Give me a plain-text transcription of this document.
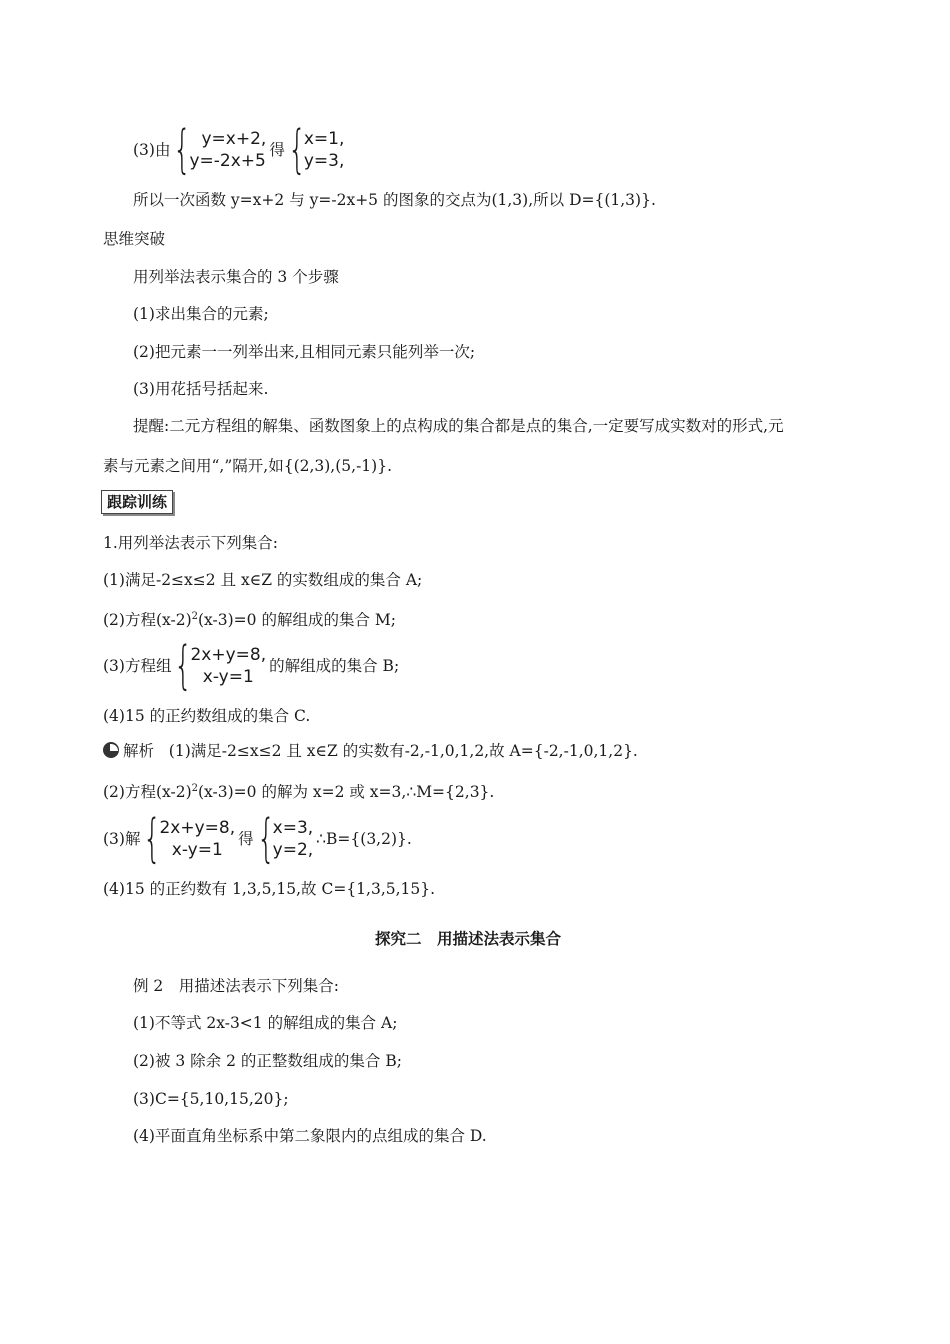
(3)由 { y=x+2,
y=-2x+5
得 {
x=1,
y=3,
所以一次函数 y=x+2 与 y=-2x+5 的图象的交点为(1,3),所以 D={(1,3)}.
思维突破
用列举法表示集合的 3 个步骤
(1)求出集合的元素;
(2)把元素一一列举出来,且相同元素只能列举一次;
(3)用花括号括起来.
提醒:二元方程组的解集、函数图象上的点构成的集合都是点的集合,一定要写成实数对的形式,元
素与元素之间用“,”隔开,如{(2,3),(5,-1)}.
跟踪训练
1.用列举法表示下列集合:
(1)满足-2≤x≤2 且 x∈Z 的实数组成的集合 A;
(2)方程$(x-2)^2(x-3)=0$ 的解组成的集合 M;
(3)方程组 {
2x+y=8,
x-y=1
的解组成的集合 B;
(4)15 的正约数组成的集合 C.
解析 (1)满足-2≤x≤2 且 x∈Z 的实数有-2,-1,0,1,2,故 A={-2,-1,0,1,2}.
(2)方程$(x-2)^2(x-3)=0$ 的解为 x=2 或 x=3,∴M={2,3}.
(3)解 {
2x+y=8,
x-y=1
得 {
x=3,
y=2,
∴B={(3,2)}.
(4)15 的正约数有 1,3,5,15,故 C={1,3,5,15}.
探究二　用描述法表示集合
例 2　用描述法表示下列集合:
(1)不等式 2x-3<1 的解组成的集合 A;
(2)被 3 除余 2 的正整数组成的集合 B;
(3)C={5,10,15,20};
(4)平面直角坐标系中第二象限内的点组成的集合 D.
